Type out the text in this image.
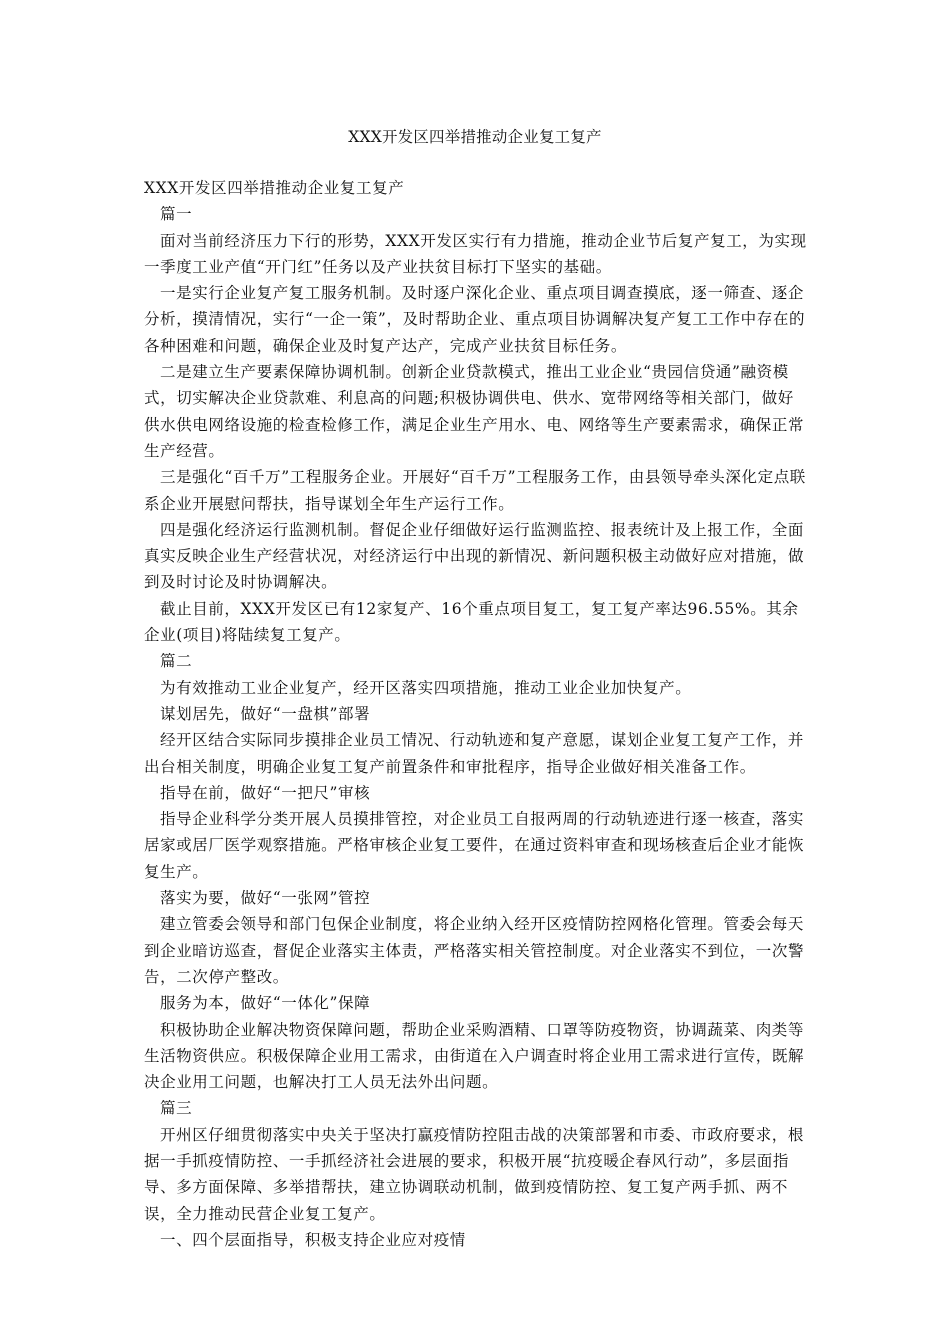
XXX开发区四举措推动企业复工复产

XXX开发区四举措推动企业复工复产

篇一

面对当前经济压力下行的形势，XXX开发区实行有力措施，推动企业节后复产复工，为实现一季度工业产值“开门红”任务以及产业扶贫目标打下坚实的基础。

一是实行企业复产复工服务机制。及时逐户深化企业、重点项目调查摸底，逐一筛查、逐企分析，摸清情况，实行“一企一策”，及时帮助企业、重点项目协调解决复产复工工作中存在的各种困难和问题，确保企业及时复产达产，完成产业扶贫目标任务。

二是建立生产要素保障协调机制。创新企业贷款模式，推出工业企业“贵园信贷通”融资模式，切实解决企业贷款难、利息高的问题;积极协调供电、供水、宽带网络等相关部门，做好供水供电网络设施的检查检修工作，满足企业生产用水、电、网络等生产要素需求，确保正常生产经营。

三是强化“百千万”工程服务企业。开展好“百千万”工程服务工作，由县领导牵头深化定点联系企业开展慰问帮扶，指导谋划全年生产运行工作。

四是强化经济运行监测机制。督促企业仔细做好运行监测监控、报表统计及上报工作，全面真实反映企业生产经营状况，对经济运行中出现的新情况、新问题积极主动做好应对措施，做到及时讨论及时协调解决。

截止目前，XXX开发区已有12家复产、16个重点项目复工，复工复产率达96.55%。其余企业(项目)将陆续复工复产。

篇二

为有效推动工业企业复产，经开区落实四项措施，推动工业企业加快复产。

谋划居先，做好“一盘棋”部署

经开区结合实际同步摸排企业员工情况、行动轨迹和复产意愿，谋划企业复工复产工作，并出台相关制度，明确企业复工复产前置条件和审批程序，指导企业做好相关准备工作。

指导在前，做好“一把尺”审核

指导企业科学分类开展人员摸排管控，对企业员工自报两周的行动轨迹进行逐一核查，落实居家或居厂医学观察措施。严格审核企业复工要件，在通过资料审查和现场核查后企业才能恢复生产。

落实为要，做好“一张网”管控

建立管委会领导和部门包保企业制度，将企业纳入经开区疫情防控网格化管理。管委会每天到企业暗访巡查，督促企业落实主体责，严格落实相关管控制度。对企业落实不到位，一次警告，二次停产整改。

服务为本，做好“一体化”保障

积极协助企业解决物资保障问题，帮助企业采购酒精、口罩等防疫物资，协调蔬菜、肉类等生活物资供应。积极保障企业用工需求，由街道在入户调查时将企业用工需求进行宣传，既解决企业用工问题，也解决打工人员无法外出问题。

篇三

开州区仔细贯彻落实中央关于坚决打赢疫情防控阻击战的决策部署和市委、市政府要求，根据一手抓疫情防控、一手抓经济社会进展的要求，积极开展“抗疫暖企春风行动”，多层面指导、多方面保障、多举措帮扶，建立协调联动机制，做到疫情防控、复工复产两手抓、两不误，全力推动民营企业复工复产。

一、四个层面指导，积极支持企业应对疫情
